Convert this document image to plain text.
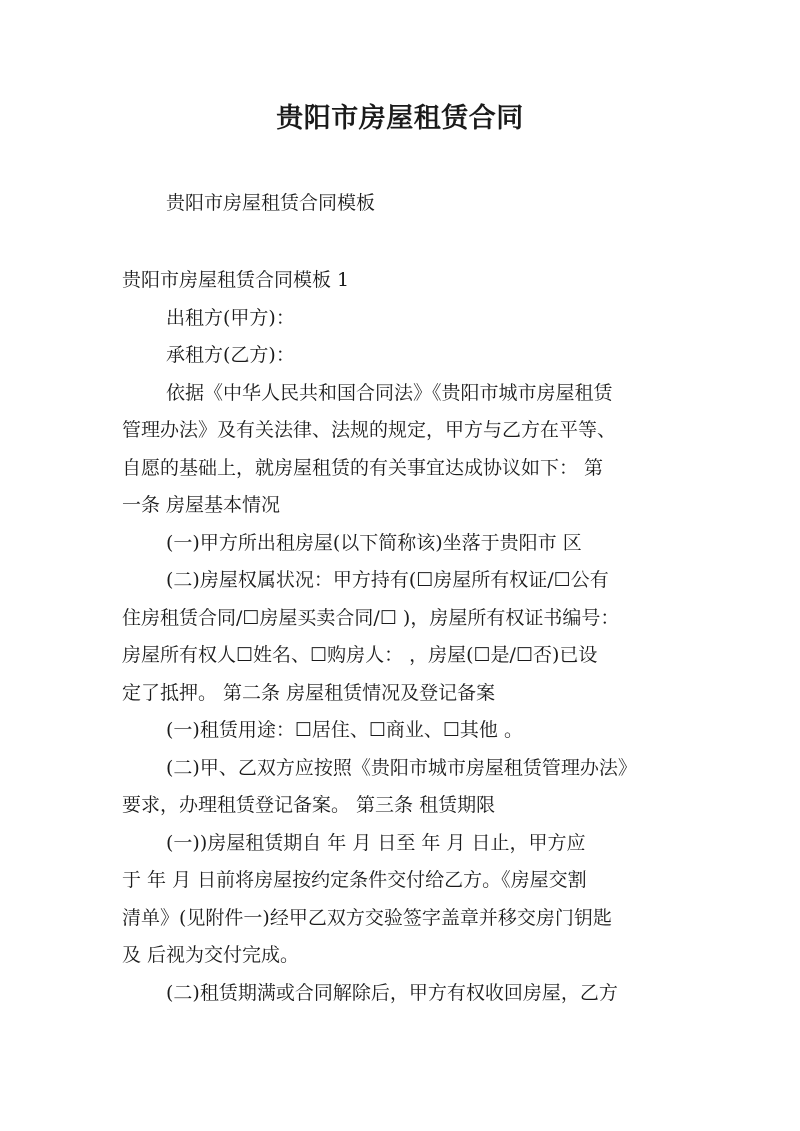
贵阳市房屋租赁合同

贵阳市房屋租赁合同模板

贵阳市房屋租赁合同模板 1

出租方(甲方)：

承租方(乙方)：

依据《中华人民共和国合同法》《贵阳市城市房屋租赁

管理办法》及有关法律、法规的规定，甲方与乙方在平等、

自愿的基础上，就房屋租赁的有关事宜达成协议如下： 第

一条 房屋基本情况

(一)甲方所出租房屋(以下简称该)坐落于贵阳市 区

(二)房屋权属状况：甲方持有(☐房屋所有权证/☐公有

住房租赁合同/☐房屋买卖合同/☐ )，房屋所有权证书编号：

房屋所有权人☐姓名、☐购房人： ，房屋(☐是/☐否)已设

定了抵押。 第二条 房屋租赁情况及登记备案

(一)租赁用途：☐居住、☐商业、☐其他 。

(二)甲、乙双方应按照《贵阳市城市房屋租赁管理办法》

要求，办理租赁登记备案。 第三条 租赁期限

(一))房屋租赁期自 年 月 日至 年 月 日止，甲方应

于 年 月 日前将房屋按约定条件交付给乙方。《房屋交割

清单》(见附件一)经甲乙双方交验签字盖章并移交房门钥匙

及 后视为交付完成。

(二)租赁期满或合同解除后，甲方有权收回房屋，乙方
